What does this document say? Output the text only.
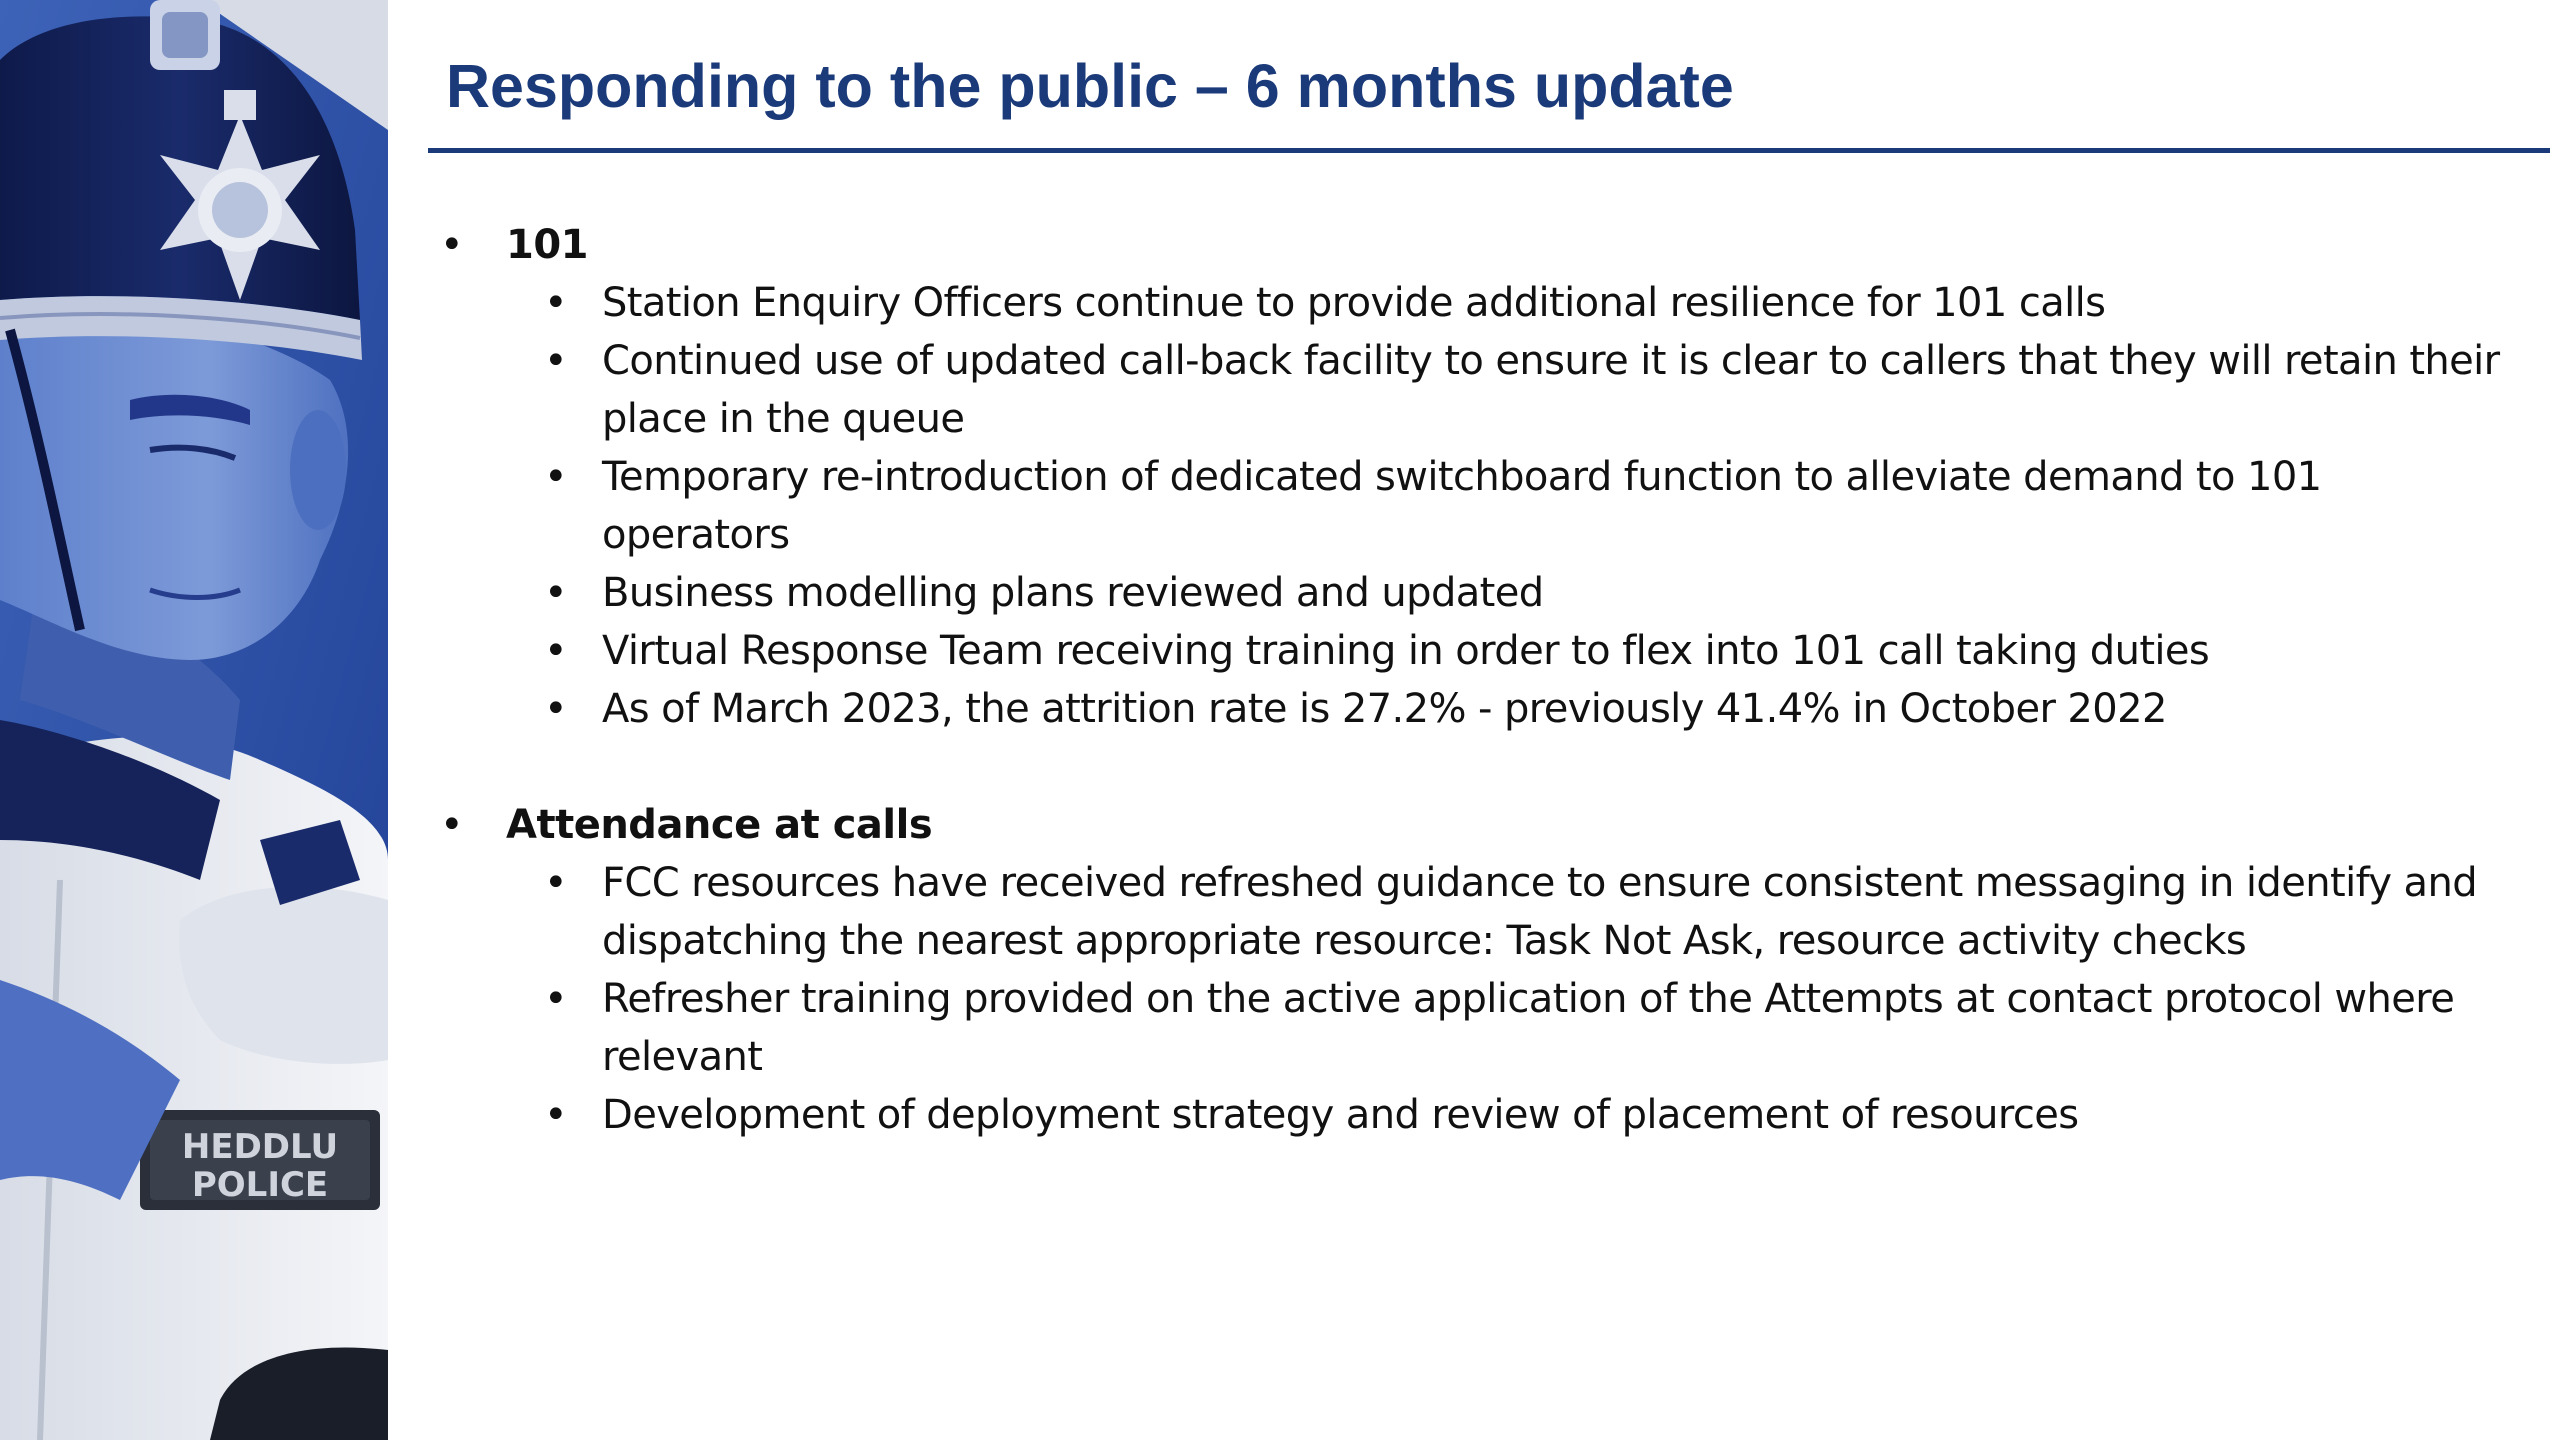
HEDDLU
POLICE
Responding to the public – 6 months update
• 101
• Station Enquiry Officers continue to provide additional resilience for 101 calls
• Continued use of updated call-back facility to ensure it is clear to callers that they will retain their place in the queue
• Temporary re-introduction of dedicated switchboard function to alleviate demand to 101 operators
• Business modelling plans reviewed and updated
• Virtual Response Team receiving training in order to flex into 101 call taking duties
• As of March 2023, the attrition rate is 27.2% - previously 41.4% in October 2022
• Attendance at calls
• FCC resources have received refreshed guidance to ensure consistent messaging in identify and dispatching the nearest appropriate resource: Task Not Ask, resource activity checks
• Refresher training provided on the active application of the Attempts at contact protocol where relevant
• Development of deployment strategy and review of placement of resources
